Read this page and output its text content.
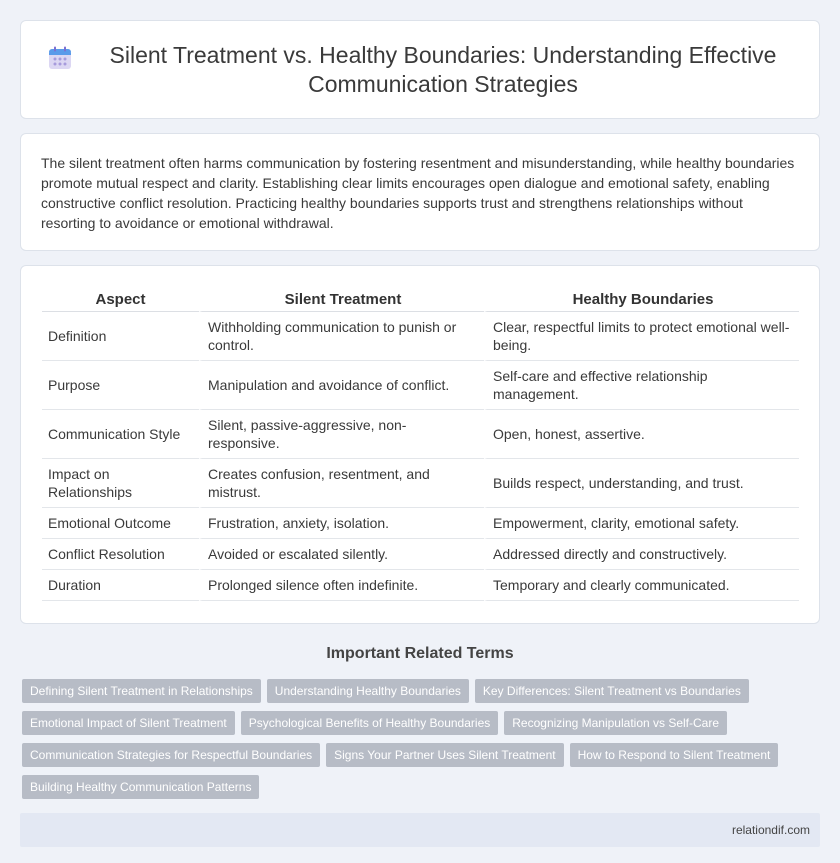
Silent Treatment vs. Healthy Boundaries: Understanding Effective Communication Strategies

The silent treatment often harms communication by fostering resentment and misunderstanding, while healthy boundaries promote mutual respect and clarity. Establishing clear limits encourages open dialogue and emotional safety, enabling constructive conflict resolution. Practicing healthy boundaries supports trust and strengthens relationships without resorting to avoidance or emotional withdrawal.

Aspect	Silent Treatment	Healthy Boundaries
Definition	Withholding communication to punish or control.	Clear, respectful limits to protect emotional well-being.
Purpose	Manipulation and avoidance of conflict.	Self-care and effective relationship management.
Communication Style	Silent, passive-aggressive, non-responsive.	Open, honest, assertive.
Impact on Relationships	Creates confusion, resentment, and mistrust.	Builds respect, understanding, and trust.
Emotional Outcome	Frustration, anxiety, isolation.	Empowerment, clarity, emotional safety.
Conflict Resolution	Avoided or escalated silently.	Addressed directly and constructively.
Duration	Prolonged silence often indefinite.	Temporary and clearly communicated.
Important Related Terms
Defining Silent Treatment in Relationships	Understanding Healthy Boundaries	Key Differences: Silent Treatment vs Boundaries
Emotional Impact of Silent Treatment	Psychological Benefits of Healthy Boundaries	Recognizing Manipulation vs Self-Care
Communication Strategies for Respectful Boundaries	Signs Your Partner Uses Silent Treatment	How to Respond to Silent Treatment
Building Healthy Communication Patterns
relationdif.com
